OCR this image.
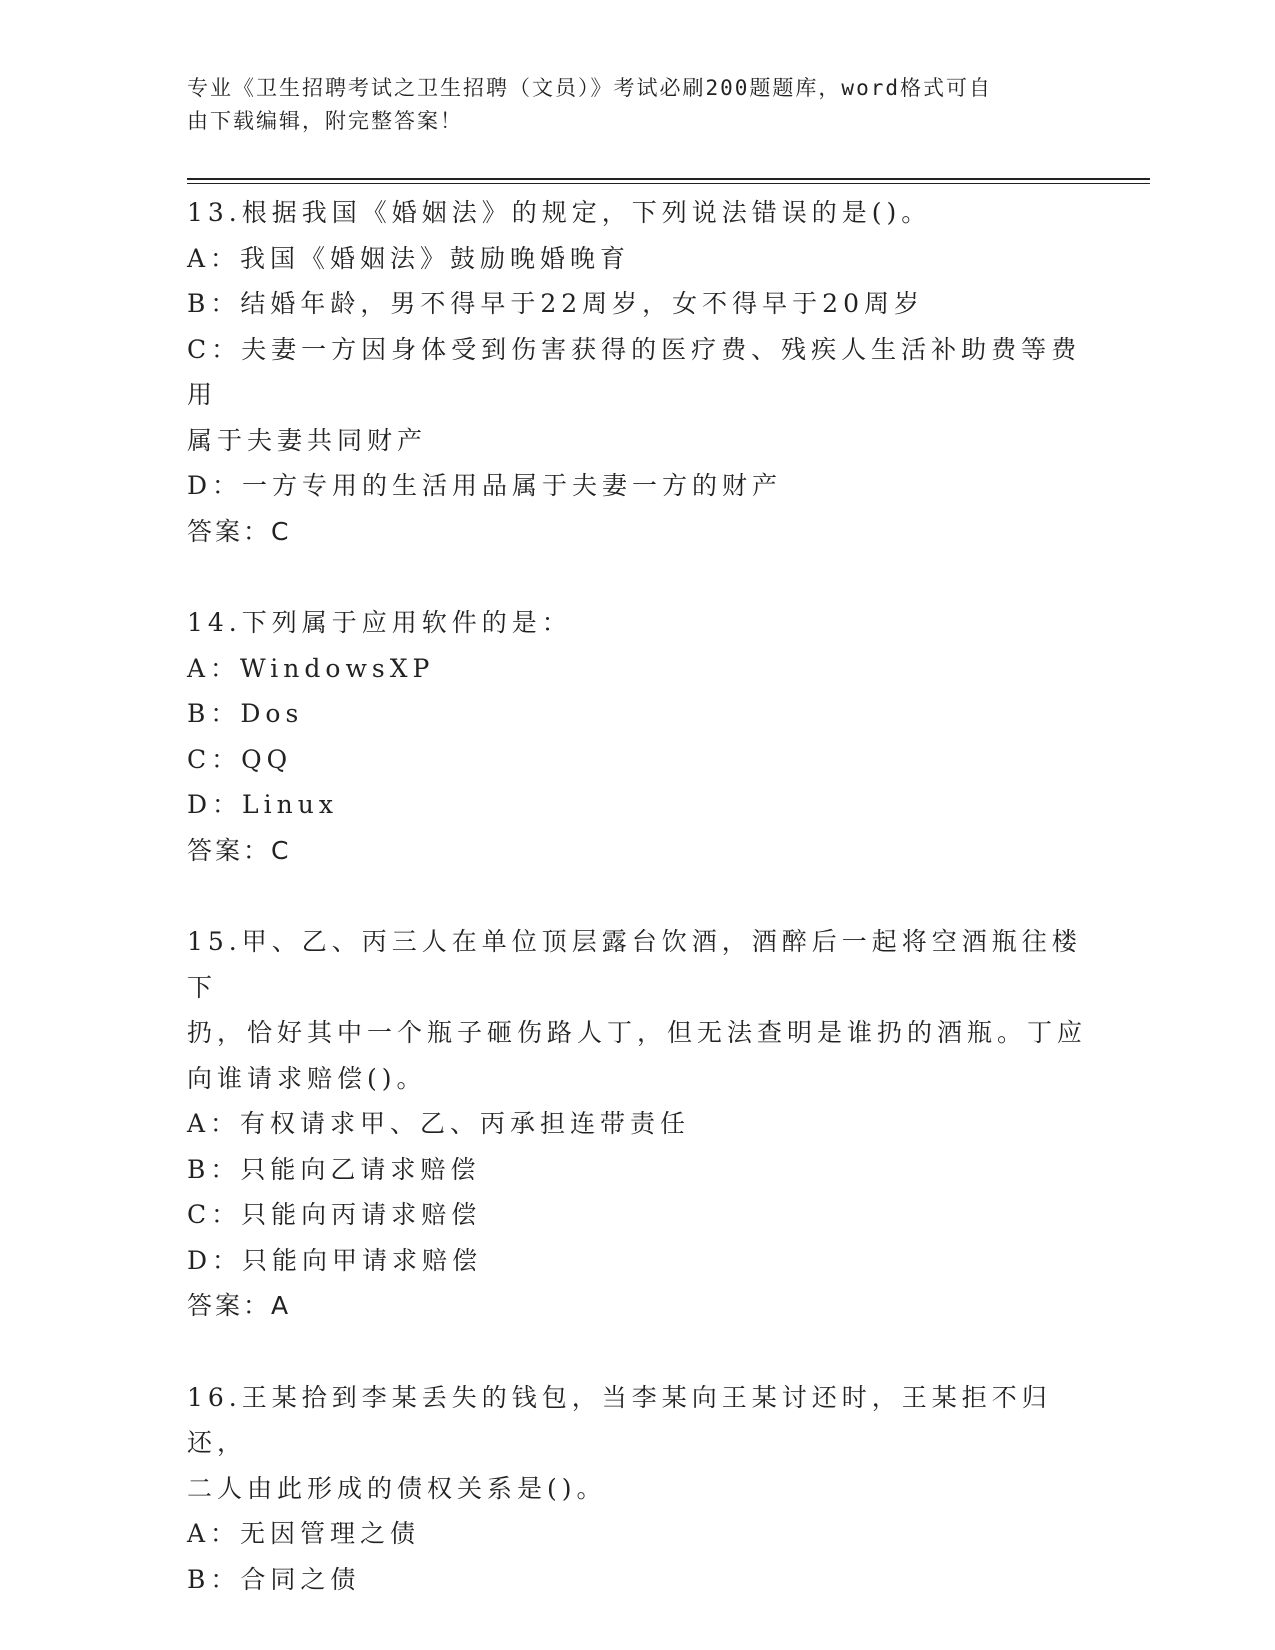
专业《卫生招聘考试之卫生招聘（文员）》考试必刷200题题库，word格式可自
由下载编辑，附完整答案！
13.根据我国《婚姻法》的规定，下列说法错误的是()。
A：我国《婚姻法》鼓励晚婚晚育
B：结婚年龄，男不得早于22周岁，女不得早于20周岁
C：夫妻一方因身体受到伤害获得的医疗费、残疾人生活补助费等费用
属于夫妻共同财产
D：一方专用的生活用品属于夫妻一方的财产
答案：C
14.下列属于应用软件的是：
A：WindowsXP
B：Dos
C：QQ
D：Linux
答案：C
15.甲、乙、丙三人在单位顶层露台饮酒，酒醉后一起将空酒瓶往楼下
扔，恰好其中一个瓶子砸伤路人丁，但无法查明是谁扔的酒瓶。丁应
向谁请求赔偿()。
A：有权请求甲、乙、丙承担连带责任
B：只能向乙请求赔偿
C：只能向丙请求赔偿
D：只能向甲请求赔偿
答案：A
16.王某拾到李某丢失的钱包，当李某向王某讨还时，王某拒不归还，
二人由此形成的债权关系是()。
A：无因管理之债
B：合同之债
